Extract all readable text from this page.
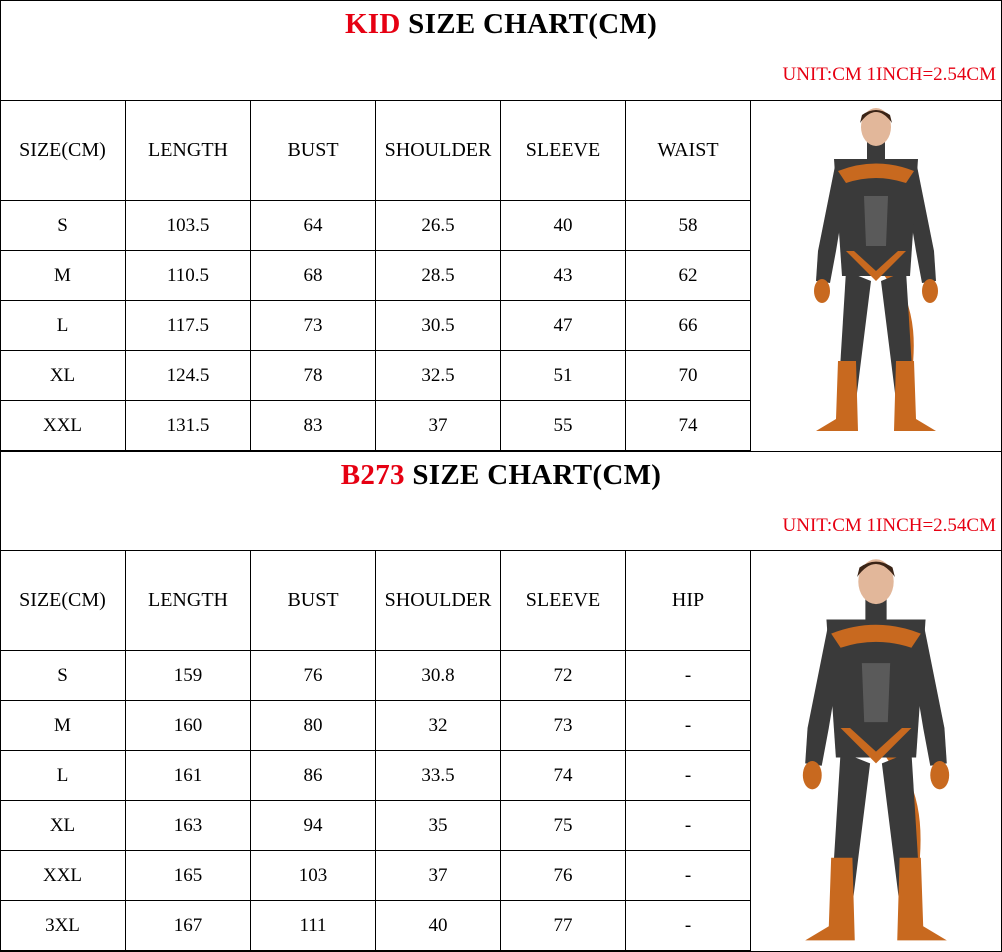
KID SIZE CHART(CM)
UNIT:CM 1INCH=2.54CM
SIZE(CM)	LENGTH	BUST	SHOULDER	SLEEVE	WAIST
S	103.5	64	26.5	40	58
M	110.5	68	28.5	43	62
L	117.5	73	30.5	47	66
XL	124.5	78	32.5	51	70
XXL	131.5	83	37	55	74
B273 SIZE CHART(CM)
UNIT:CM 1INCH=2.54CM
SIZE(CM)	LENGTH	BUST	SHOULDER	SLEEVE	HIP
S	159	76	30.8	72	-
M	160	80	32	73	-
L	161	86	33.5	74	-
XL	163	94	35	75	-
XXL	165	103	37	76	-
3XL	167	111	40	77	-
